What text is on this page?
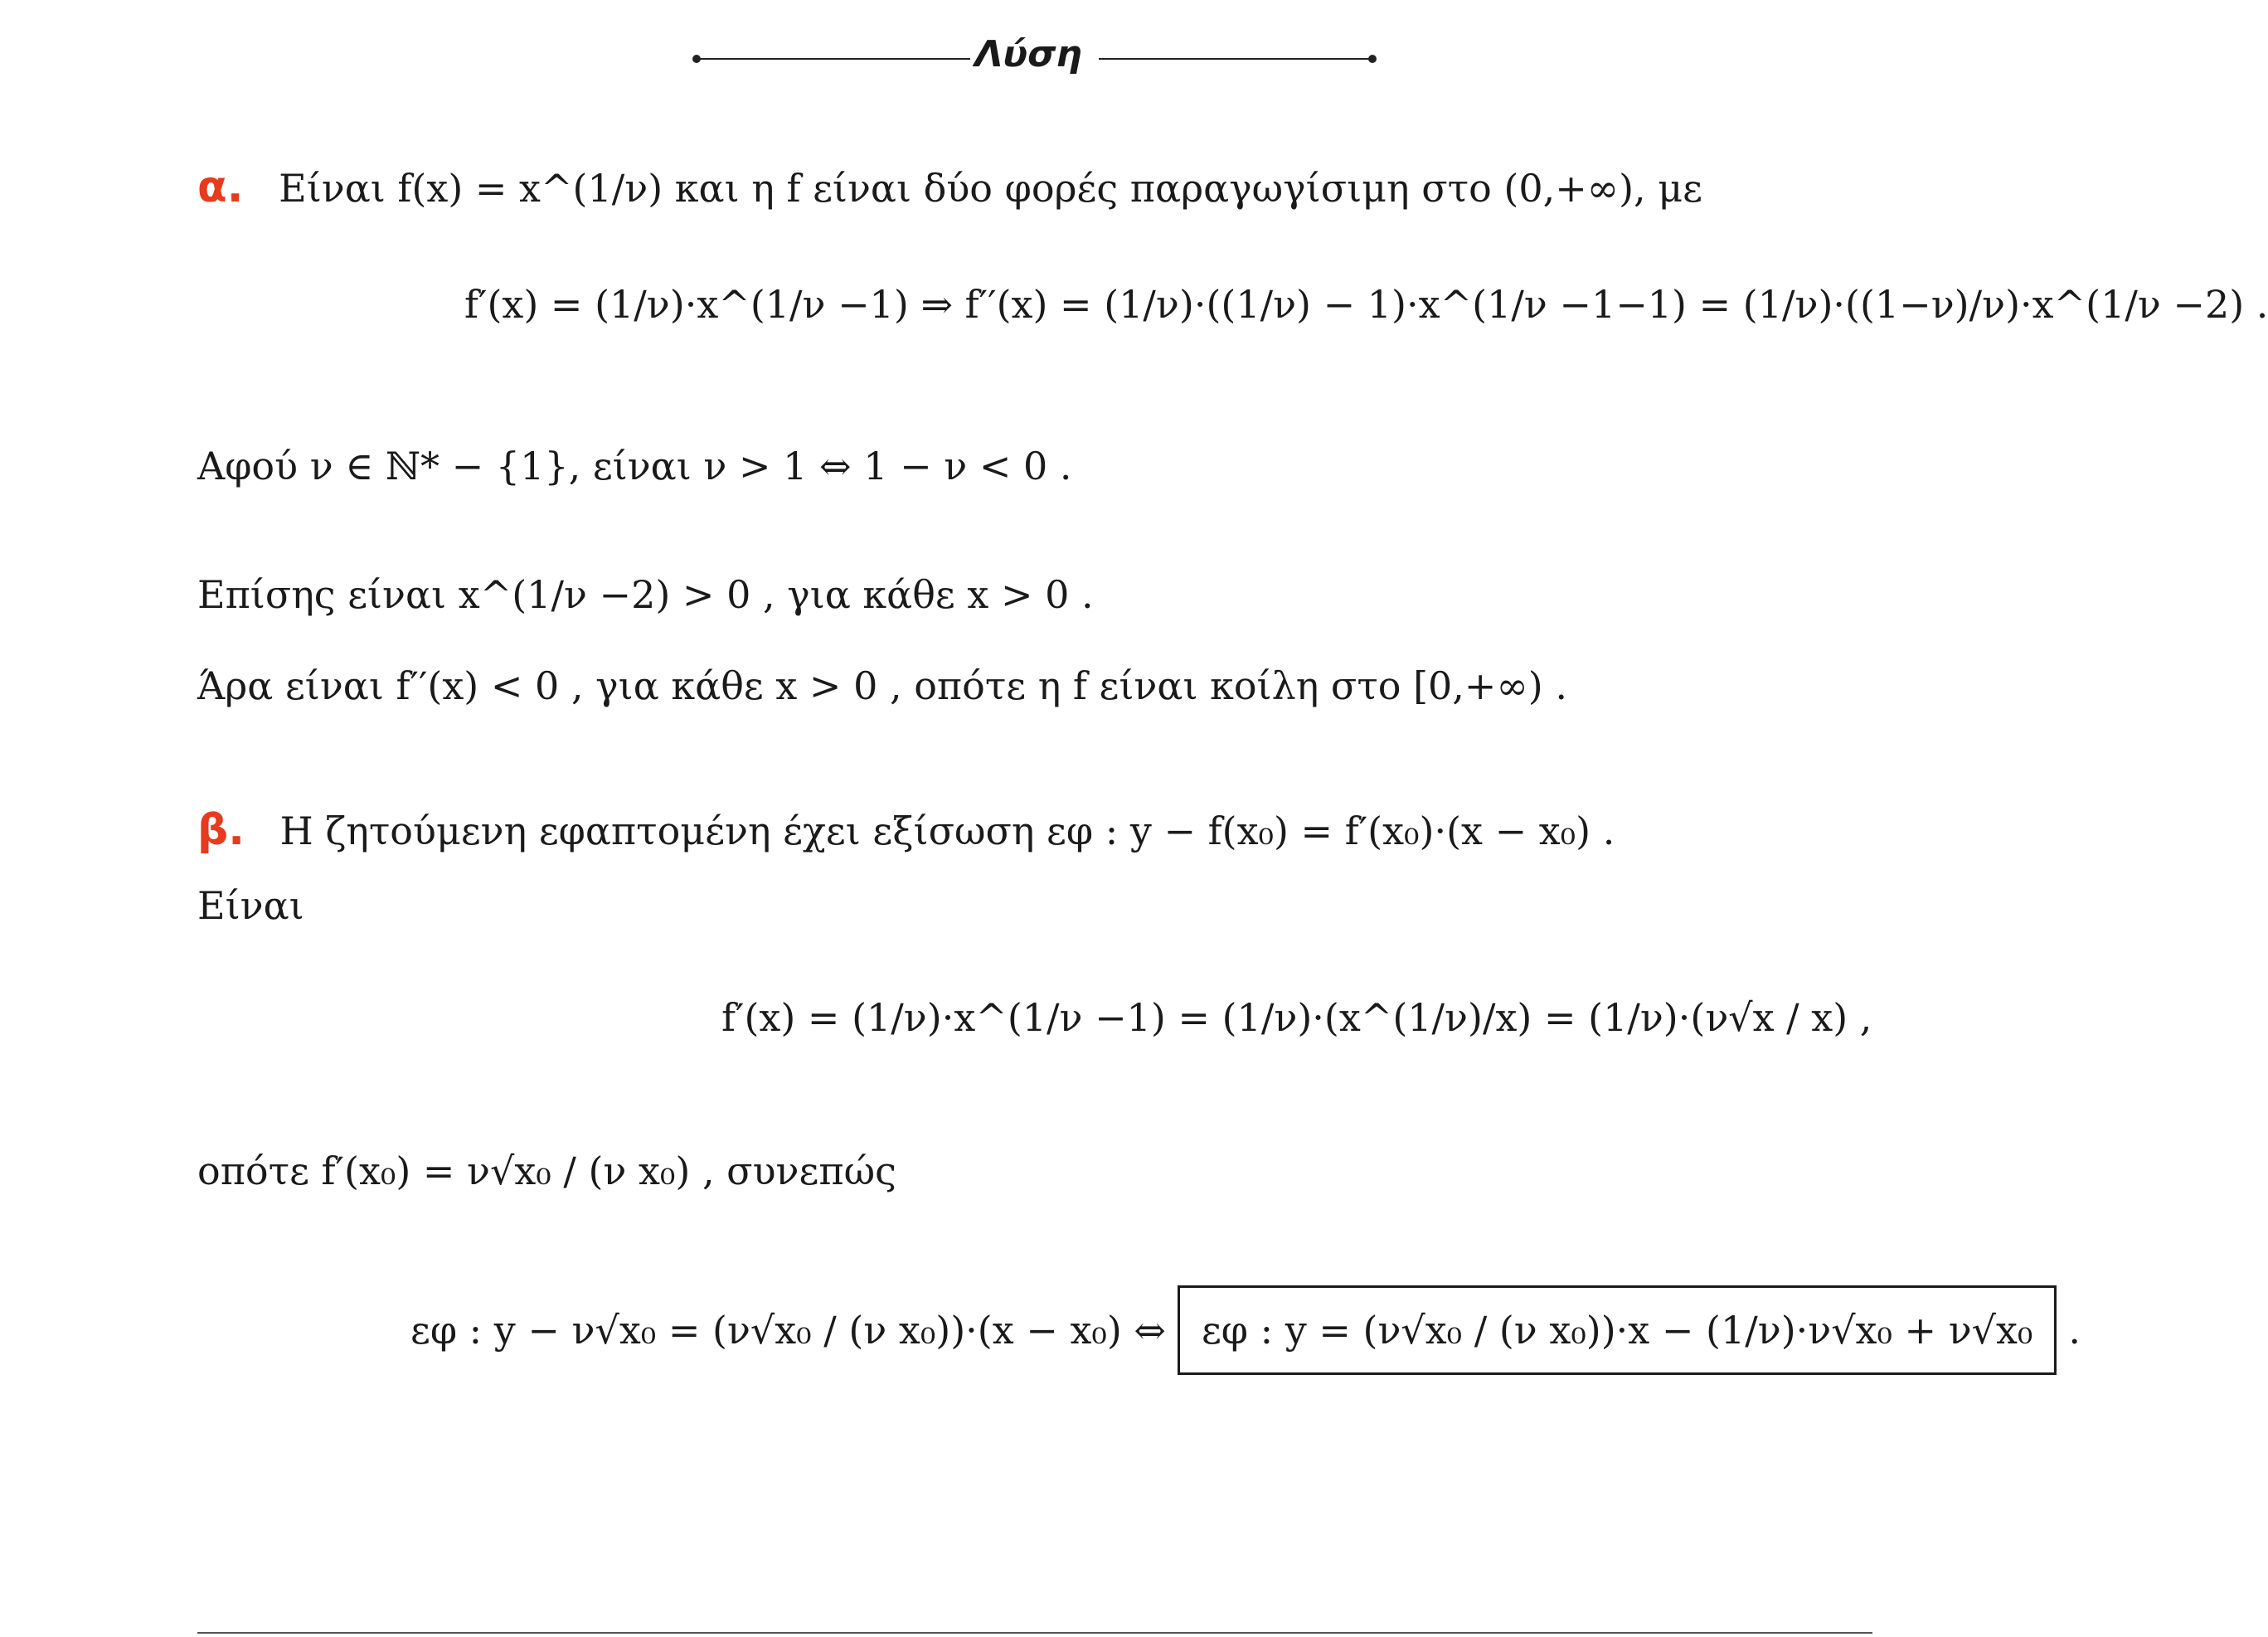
Λύση
α. Είναι f(x) = x^(1/ν) και η f είναι δύο φορές παραγωγίσιμη στο (0,+∞), με
f′(x) = (1/ν)·x^(1/ν −1) ⇒ f′′(x) = (1/ν)·((1/ν) − 1)·x^(1/ν −1−1) = (1/ν)·((1−ν)/ν)·x^(1/ν −2) .
Αφού ν ∈ ℕ* − {1}, είναι ν > 1 ⇔ 1 − ν < 0 .
Επίσης είναι x^(1/ν −2) > 0 , για κάθε x > 0 .
Άρα είναι f′′(x) < 0 , για κάθε x > 0 , οπότε η f είναι κοίλη στο [0,+∞) .
β. Η ζητούμενη εφαπτομένη έχει εξίσωση εφ : y − f(x₀) = f′(x₀)·(x − x₀) .
Είναι
f′(x) = (1/ν)·x^(1/ν −1) = (1/ν)·(x^(1/ν)/x) = (1/ν)·(ν√x / x) ,
οπότε f′(x₀) = ν√x₀ / (ν x₀) , συνεπώς
εφ : y − ν√x₀ = (ν√x₀ / (ν x₀))·(x − x₀) ⇔ εφ : y = (ν√x₀ / (ν x₀))·x − (1/ν)·ν√x₀ + ν√x₀ .
